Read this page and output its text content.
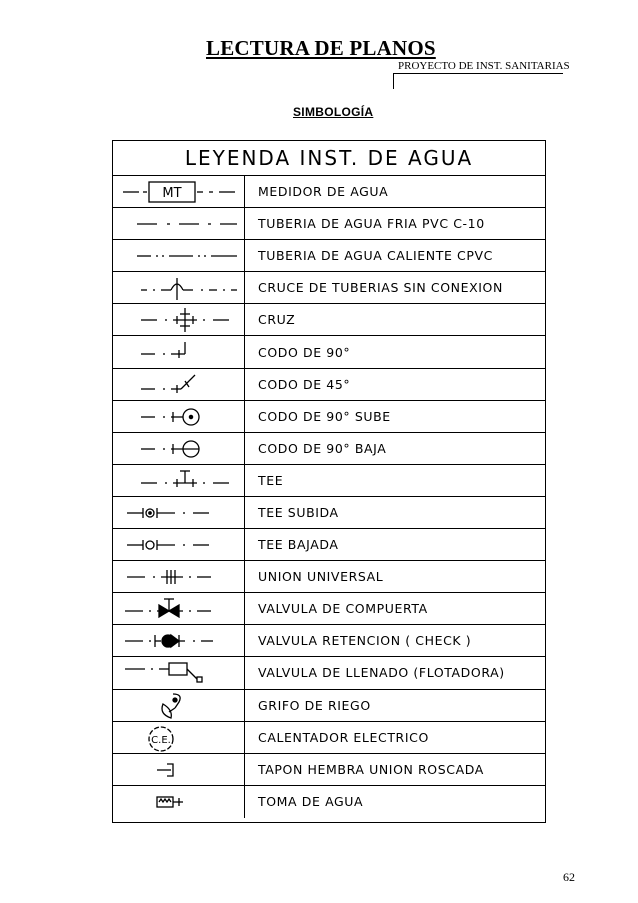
LECTURA DE PLANOS
PROYECTO DE INST. SANITARIAS
SIMBOLOGÍA
LEYENDA INST. DE AGUA
MT	MEDIDOR DE AGUA
TUBERIA DE AGUA FRIA PVC C-10
TUBERIA DE AGUA CALIENTE CPVC
CRUCE DE TUBERIAS SIN CONEXION
CRUZ
CODO DE 90°
CODO DE 45°
CODO DE 90° SUBE
CODO DE 90° BAJA
TEE
TEE SUBIDA
TEE BAJADA
UNION UNIVERSAL
VALVULA DE COMPUERTA
VALVULA RETENCION ( CHECK )
VALVULA DE LLENADO (FLOTADORA)
GRIFO DE RIEGO
C.E.	CALENTADOR ELECTRICO
TAPON HEMBRA UNION ROSCADA
TOMA DE AGUA
62
